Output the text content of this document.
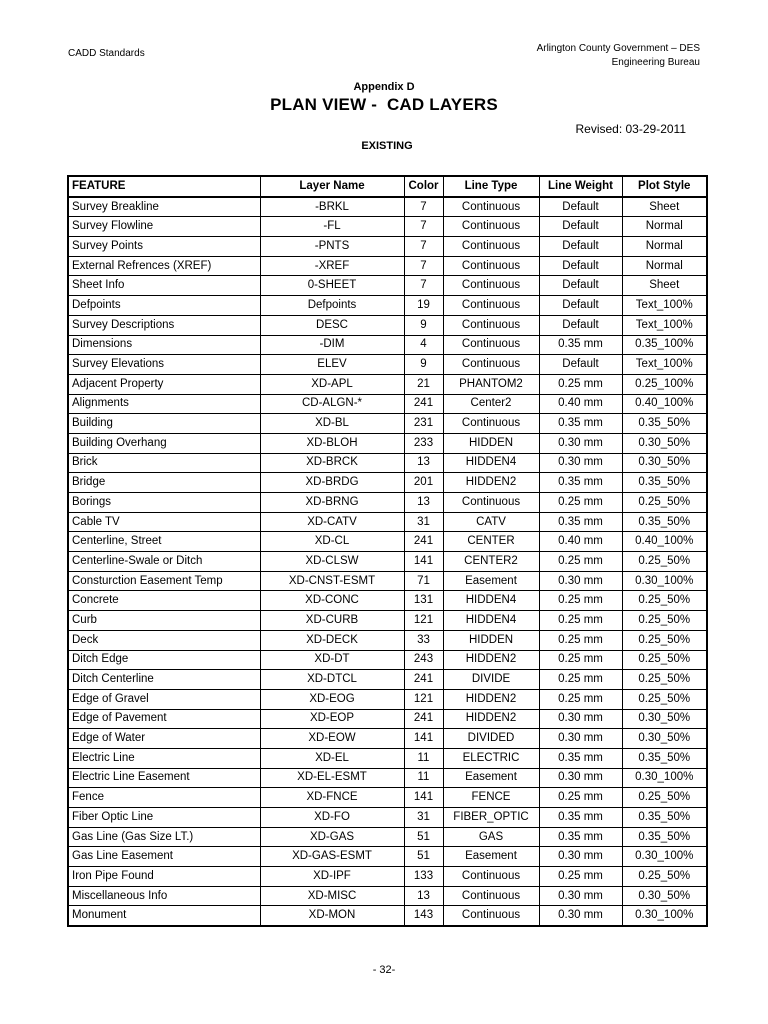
CADD Standards	Arlington County Government – DES
Engineering Bureau
Appendix D
PLAN VIEW -  CAD LAYERS
Revised: 03-29-2011
EXISTING
FEATURE	Layer Name	Color	Line Type	Line Weight	Plot Style
Survey Breakline	-BRKL	7	Continuous	Default	Sheet
Survey Flowline	-FL	7	Continuous	Default	Normal
Survey Points	-PNTS	7	Continuous	Default	Normal
External Refrences (XREF)	-XREF	7	Continuous	Default	Normal
Sheet Info	0-SHEET	7	Continuous	Default	Sheet
Defpoints	Defpoints	19	Continuous	Default	Text_100%
Survey Descriptions	DESC	9	Continuous	Default	Text_100%
Dimensions	-DIM	4	Continuous	0.35 mm	0.35_100%
Survey Elevations	ELEV	9	Continuous	Default	Text_100%
Adjacent Property	XD-APL	21	PHANTOM2	0.25 mm	0.25_100%
Alignments	CD-ALGN-*	241	Center2	0.40 mm	0.40_100%
Building	XD-BL	231	Continuous	0.35 mm	0.35_50%
Building Overhang	XD-BLOH	233	HIDDEN	0.30 mm	0.30_50%
Brick	XD-BRCK	13	HIDDEN4	0.30 mm	0.30_50%
Bridge	XD-BRDG	201	HIDDEN2	0.35 mm	0.35_50%
Borings	XD-BRNG	13	Continuous	0.25 mm	0.25_50%
Cable TV	XD-CATV	31	CATV	0.35 mm	0.35_50%
Centerline, Street	XD-CL	241	CENTER	0.40 mm	0.40_100%
Centerline-Swale or Ditch	XD-CLSW	141	CENTER2	0.25 mm	0.25_50%
Consturction Easement Temp	XD-CNST-ESMT	71	Easement	0.30 mm	0.30_100%
Concrete	XD-CONC	131	HIDDEN4	0.25 mm	0.25_50%
Curb	XD-CURB	121	HIDDEN4	0.25 mm	0.25_50%
Deck	XD-DECK	33	HIDDEN	0.25 mm	0.25_50%
Ditch Edge	XD-DT	243	HIDDEN2	0.25 mm	0.25_50%
Ditch Centerline	XD-DTCL	241	DIVIDE	0.25 mm	0.25_50%
Edge of Gravel	XD-EOG	121	HIDDEN2	0.25 mm	0.25_50%
Edge of Pavement	XD-EOP	241	HIDDEN2	0.30 mm	0.30_50%
Edge of Water	XD-EOW	141	DIVIDED	0.30 mm	0.30_50%
Electric Line	XD-EL	11	ELECTRIC	0.35 mm	0.35_50%
Electric Line Easement	XD-EL-ESMT	11	Easement	0.30 mm	0.30_100%
Fence	XD-FNCE	141	FENCE	0.25 mm	0.25_50%
Fiber Optic Line	XD-FO	31	FIBER_OPTIC	0.35 mm	0.35_50%
Gas Line (Gas Size LT.)	XD-GAS	51	GAS	0.35 mm	0.35_50%
Gas Line Easement	XD-GAS-ESMT	51	Easement	0.30 mm	0.30_100%
Iron Pipe Found	XD-IPF	133	Continuous	0.25 mm	0.25_50%
Miscellaneous Info	XD-MISC	13	Continuous	0.30 mm	0.30_50%
Monument	XD-MON	143	Continuous	0.30 mm	0.30_100%
- 32-
